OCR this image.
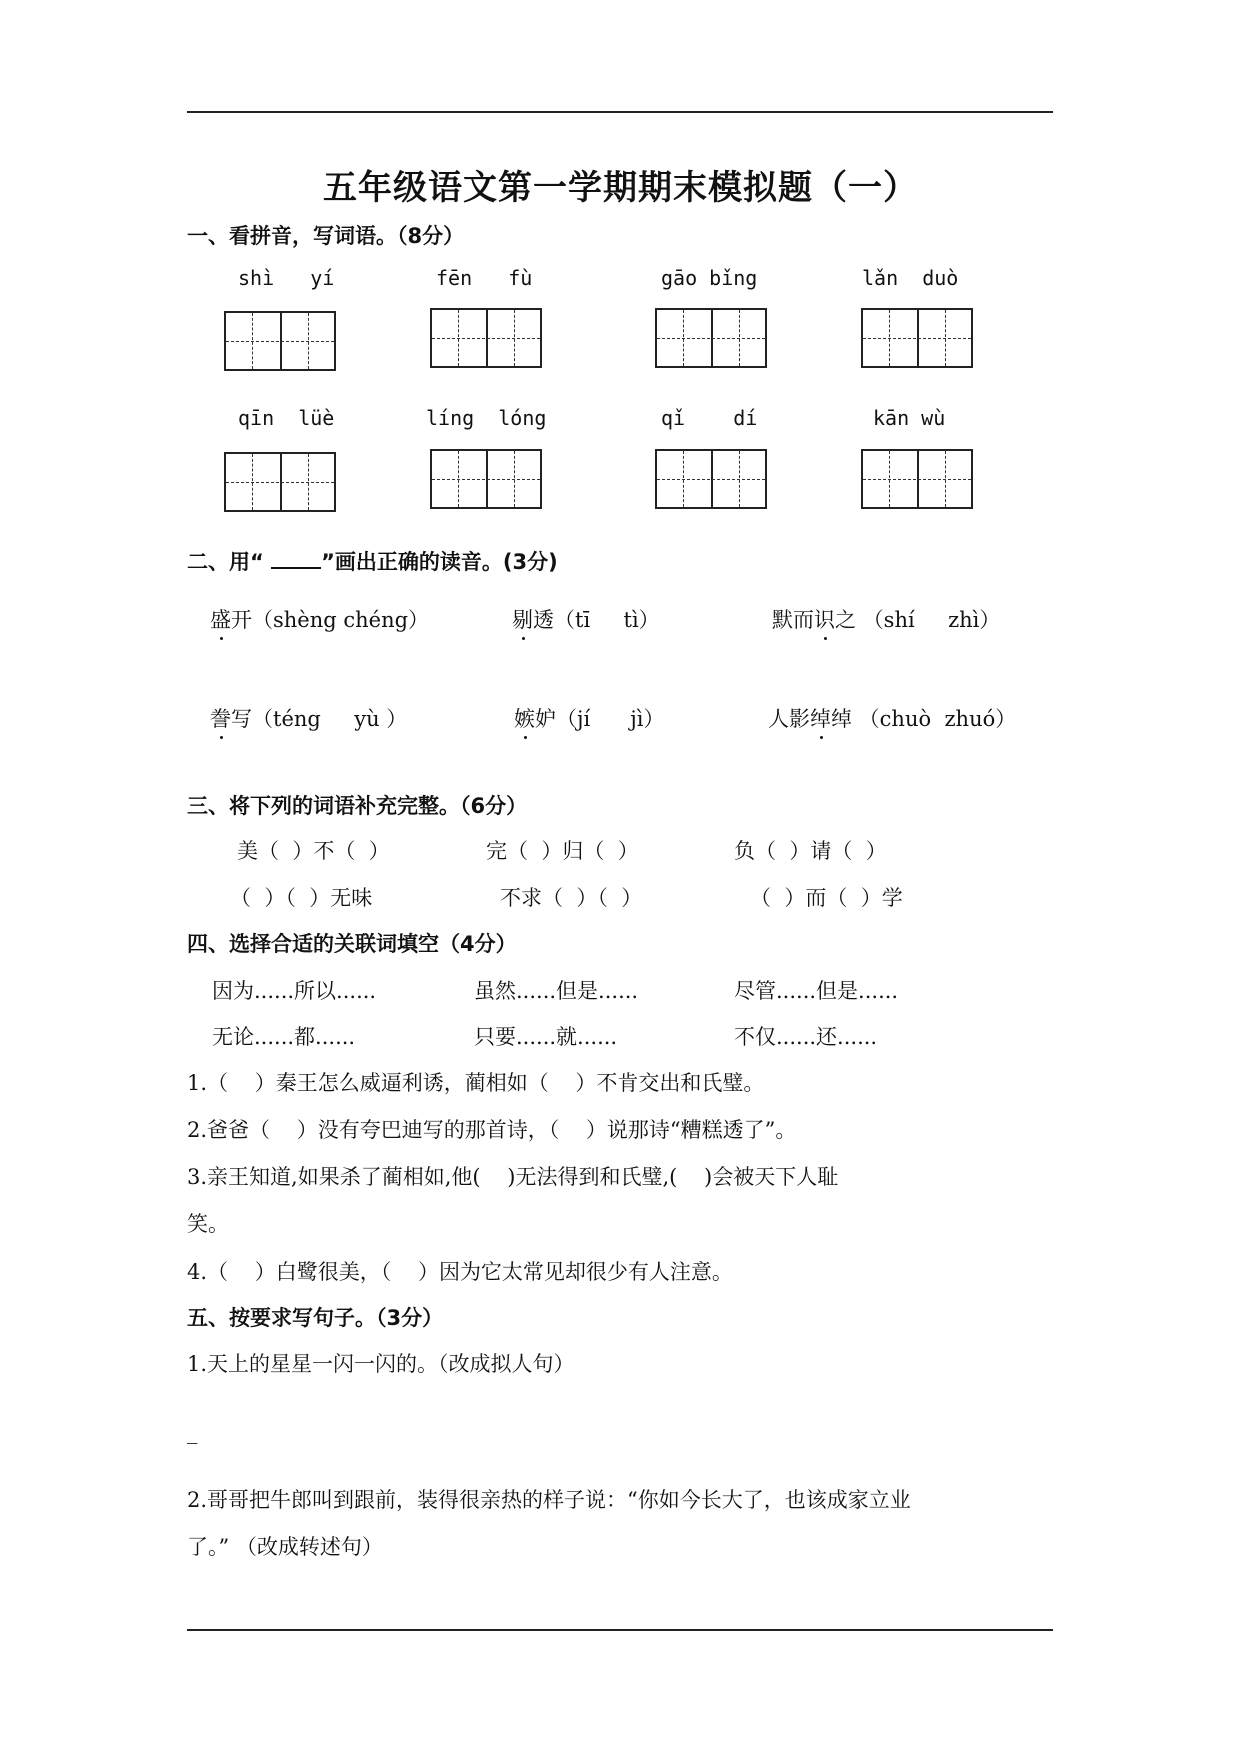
五年级语文第一学期期末模拟题（一）
一、看拼音，写词语。（8分）
shì   yí	fēn   fù	gāo bǐng	lǎn  duò
qīn  lüè	líng  lóng	qǐ    dí	kān wù
二、用“ ”画出正确的读音。(3分)
盛开（shèng chéng）	剔透（tī     tì）	默而识之 （shí     zhì）
誊写（téng     yù ）	嫉妒（jí      jì）	人影绰绰 （chuò  zhuó）
三、将下列的词语补充完整。（6分）
美（  ）不（  ）	完（  ）归（  ）	负（  ）请（  ）
（  ）（  ）无味	不求（  ）（  ）	（  ）而（  ）学
四、选择合适的关联词填空（4分）
因为......所以......	虽然......但是......	尽管......但是......
无论......都......	只要......就......	不仅......还......
1.（    ）秦王怎么威逼利诱，蔺相如（    ）不肯交出和氏璧。
2.爸爸（    ）没有夸巴迪写的那首诗，（    ）说那诗“糟糕透了”。
3.亲王知道,如果杀了蔺相如,他(    )无法得到和氏璧,(    )会被天下人耻
笑。
4.（    ）白鹭很美，（    ）因为它太常见却很少有人注意。
五、按要求写句子。（3分）
1.天上的星星一闪一闪的。（改成拟人句）
_
2.哥哥把牛郎叫到跟前，装得很亲热的样子说：“你如今长大了，也该成家立业
了。” （改成转述句）
